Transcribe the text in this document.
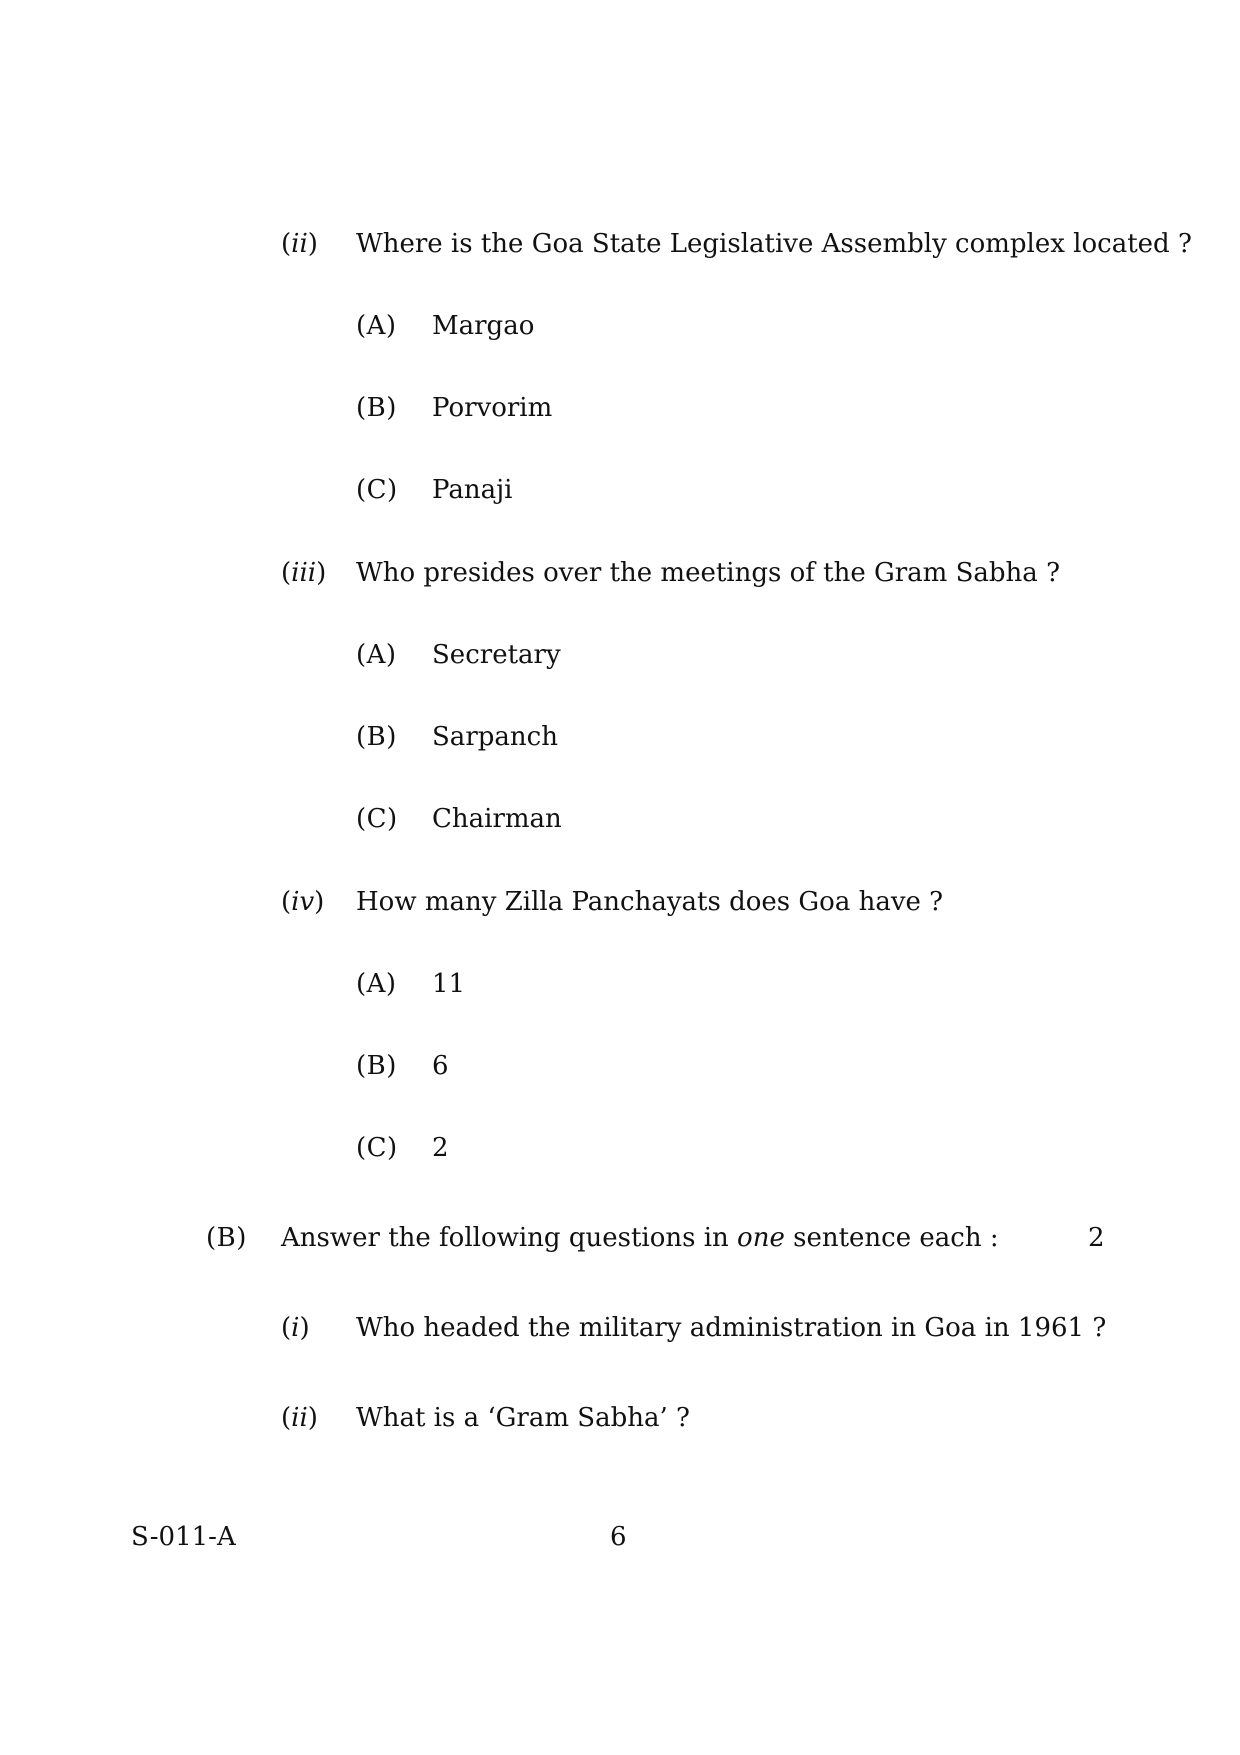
(ii) Where is the Goa State Legislative Assembly complex located ?
(A) Margao
(B) Porvorim
(C) Panaji
(iii) Who presides over the meetings of the Gram Sabha ?
(A) Secretary
(B) Sarpanch
(C) Chairman
(iv) How many Zilla Panchayats does Goa have ?
(A) 11
(B) 6
(C) 2
(B) Answer the following questions in one sentence each :	2
(i) Who headed the military administration in Goa in 1961 ?
(ii) What is a ‘Gram Sabha’ ?
S-011-A	6
